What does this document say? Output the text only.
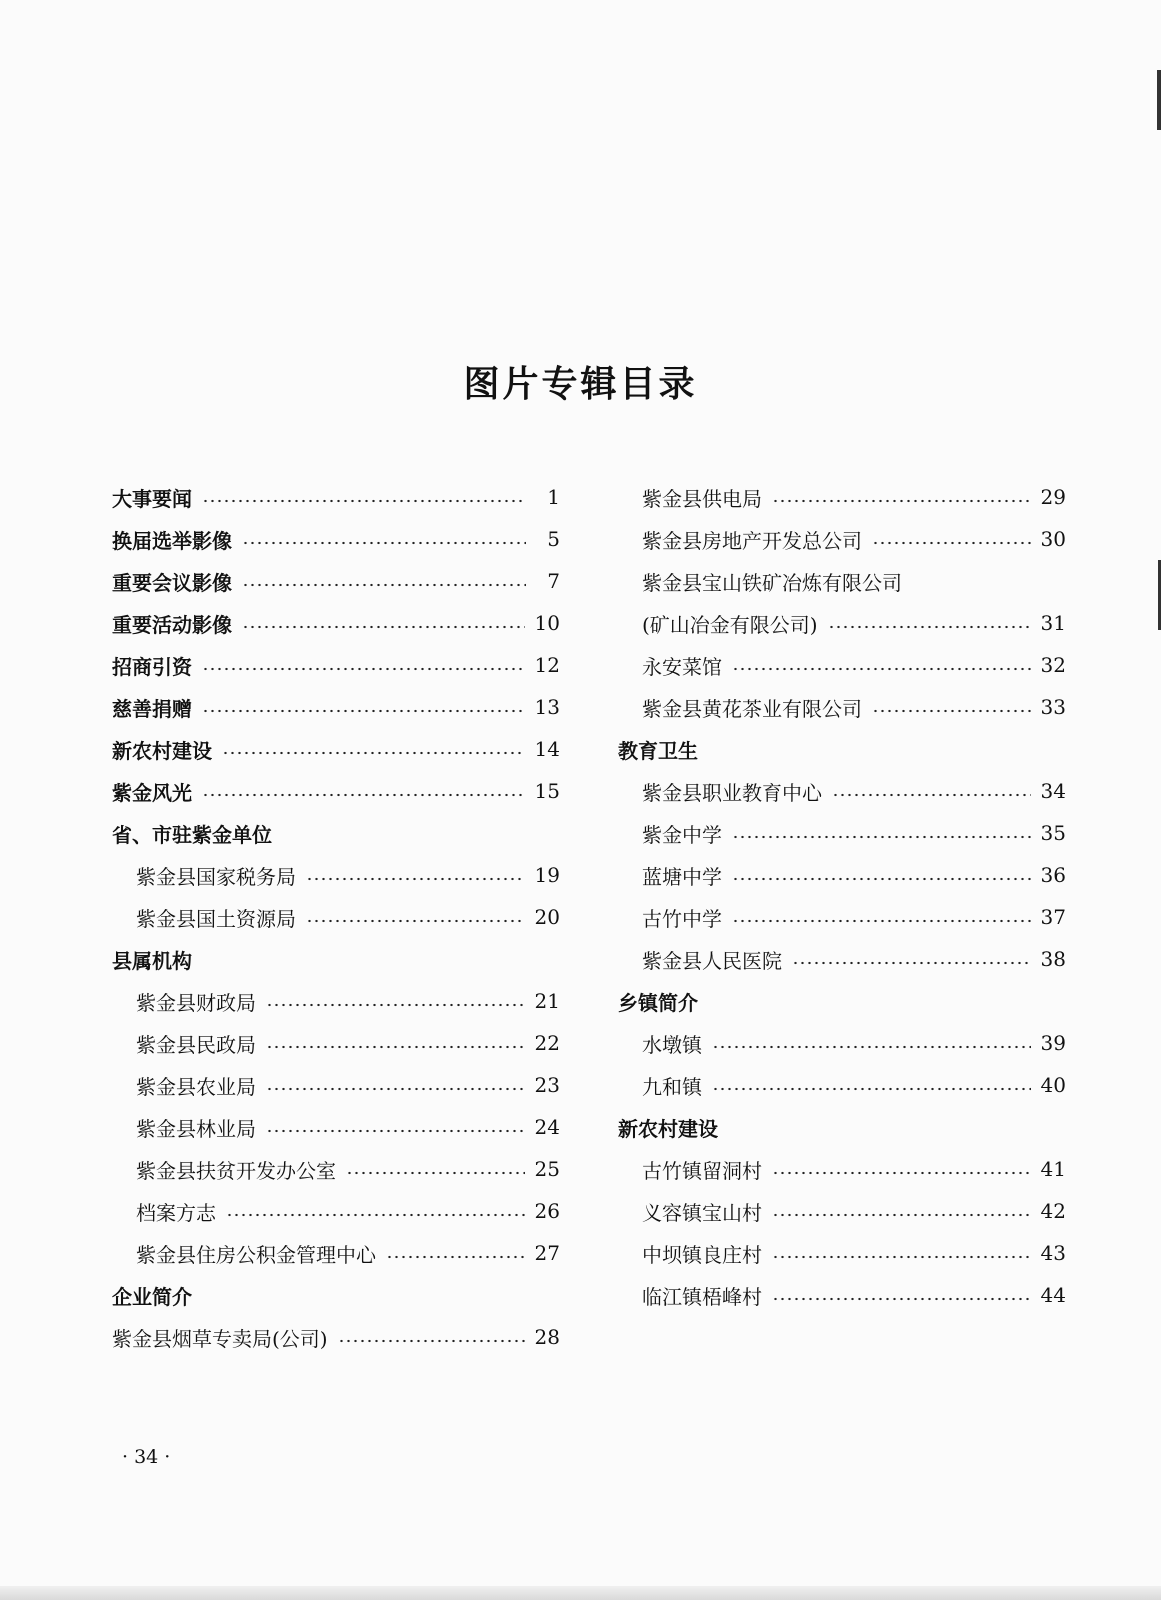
图片专辑目录
大事要闻	1
换届选举影像	5
重要会议影像	7
重要活动影像	10
招商引资	12
慈善捐赠	13
新农村建设	14
紫金风光	15
省、市驻紫金单位
紫金县国家税务局	19
紫金县国土资源局	20
县属机构
紫金县财政局	21
紫金县民政局	22
紫金县农业局	23
紫金县林业局	24
紫金县扶贫开发办公室	25
档案方志	26
紫金县住房公积金管理中心	27
企业简介
紫金县烟草专卖局(公司)	28
紫金县供电局	29
紫金县房地产开发总公司	30
紫金县宝山铁矿冶炼有限公司
(矿山冶金有限公司)	31
永安菜馆	32
紫金县黄花茶业有限公司	33
教育卫生
紫金县职业教育中心	34
紫金中学	35
蓝塘中学	36
古竹中学	37
紫金县人民医院	38
乡镇简介
水墩镇	39
九和镇	40
新农村建设
古竹镇留洞村	41
义容镇宝山村	42
中坝镇良庄村	43
临江镇梧峰村	44
· 34 ·
